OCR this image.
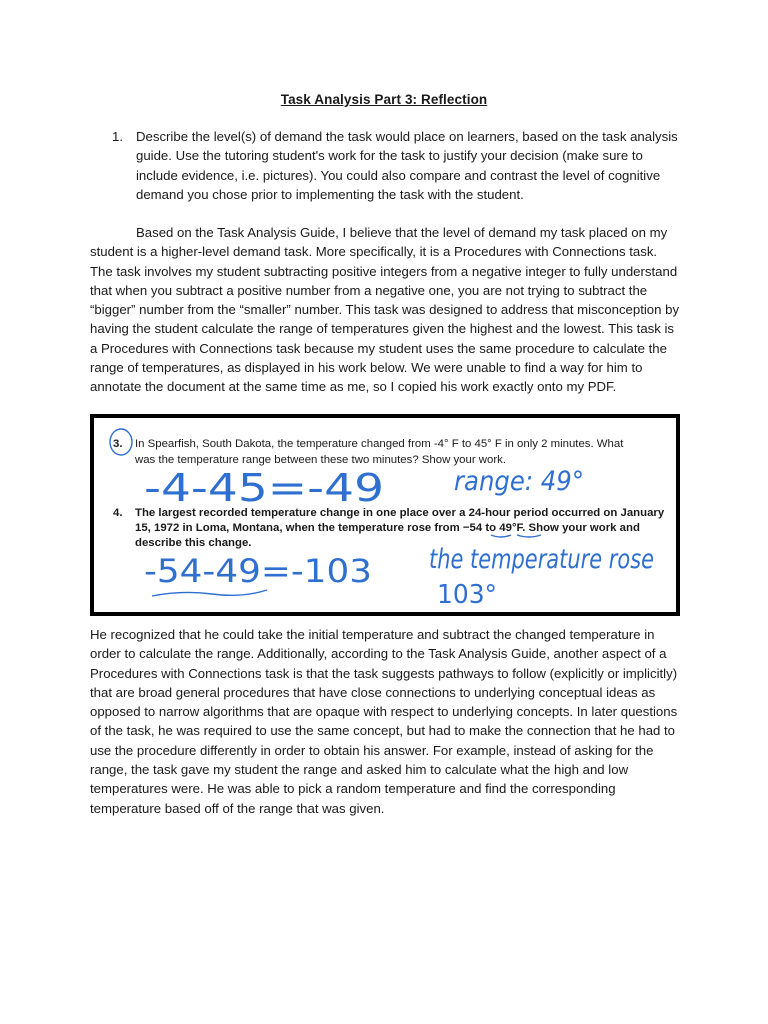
Task Analysis Part 3: Reflection
1. Describe the level(s) of demand the task would place on learners, based on the task analysis guide. Use the tutoring student's work for the task to justify your decision (make sure to include evidence, i.e. pictures). You could also compare and contrast the level of cognitive demand you chose prior to implementing the task with the student.
Based on the Task Analysis Guide, I believe that the level of demand my task placed on my student is a higher-level demand task. More specifically, it is a Procedures with Connections task. The task involves my student subtracting positive integers from a negative integer to fully understand that when you subtract a positive number from a negative one, you are not trying to subtract the “bigger” number from the “smaller” number. This task was designed to address that misconception by having the student calculate the range of temperatures given the highest and the lowest. This task is a Procedures with Connections task because my student uses the same procedure to calculate the range of temperatures, as displayed in his work below. We were unable to find a way for him to annotate the document at the same time as me, so I copied his work exactly onto my PDF.
3. In Spearfish, South Dakota, the temperature changed from -4° F to 45° F in only 2 minutes. What
was the temperature range between these two minutes? Show your work.
-4-45=-49	range: 49°
4. The largest recorded temperature change in one place over a 24-hour period occurred on January
15, 1972 in Loma, Montana, when the temperature rose from −54 to 49°F. Show your work and
describe this change.
-54-49=-103 the temperature rose
103°
He recognized that he could take the initial temperature and subtract the changed temperature in order to calculate the range. Additionally, according to the Task Analysis Guide, another aspect of a Procedures with Connections task is that the task suggests pathways to follow (explicitly or implicitly) that are broad general procedures that have close connections to underlying conceptual ideas as opposed to narrow algorithms that are opaque with respect to underlying concepts. In later questions of the task, he was required to use the same concept, but had to make the connection that he had to use the procedure differently in order to obtain his answer. For example, instead of asking for the range, the task gave my student the range and asked him to calculate what the high and low temperatures were. He was able to pick a random temperature and find the corresponding temperature based off of the range that was given.
